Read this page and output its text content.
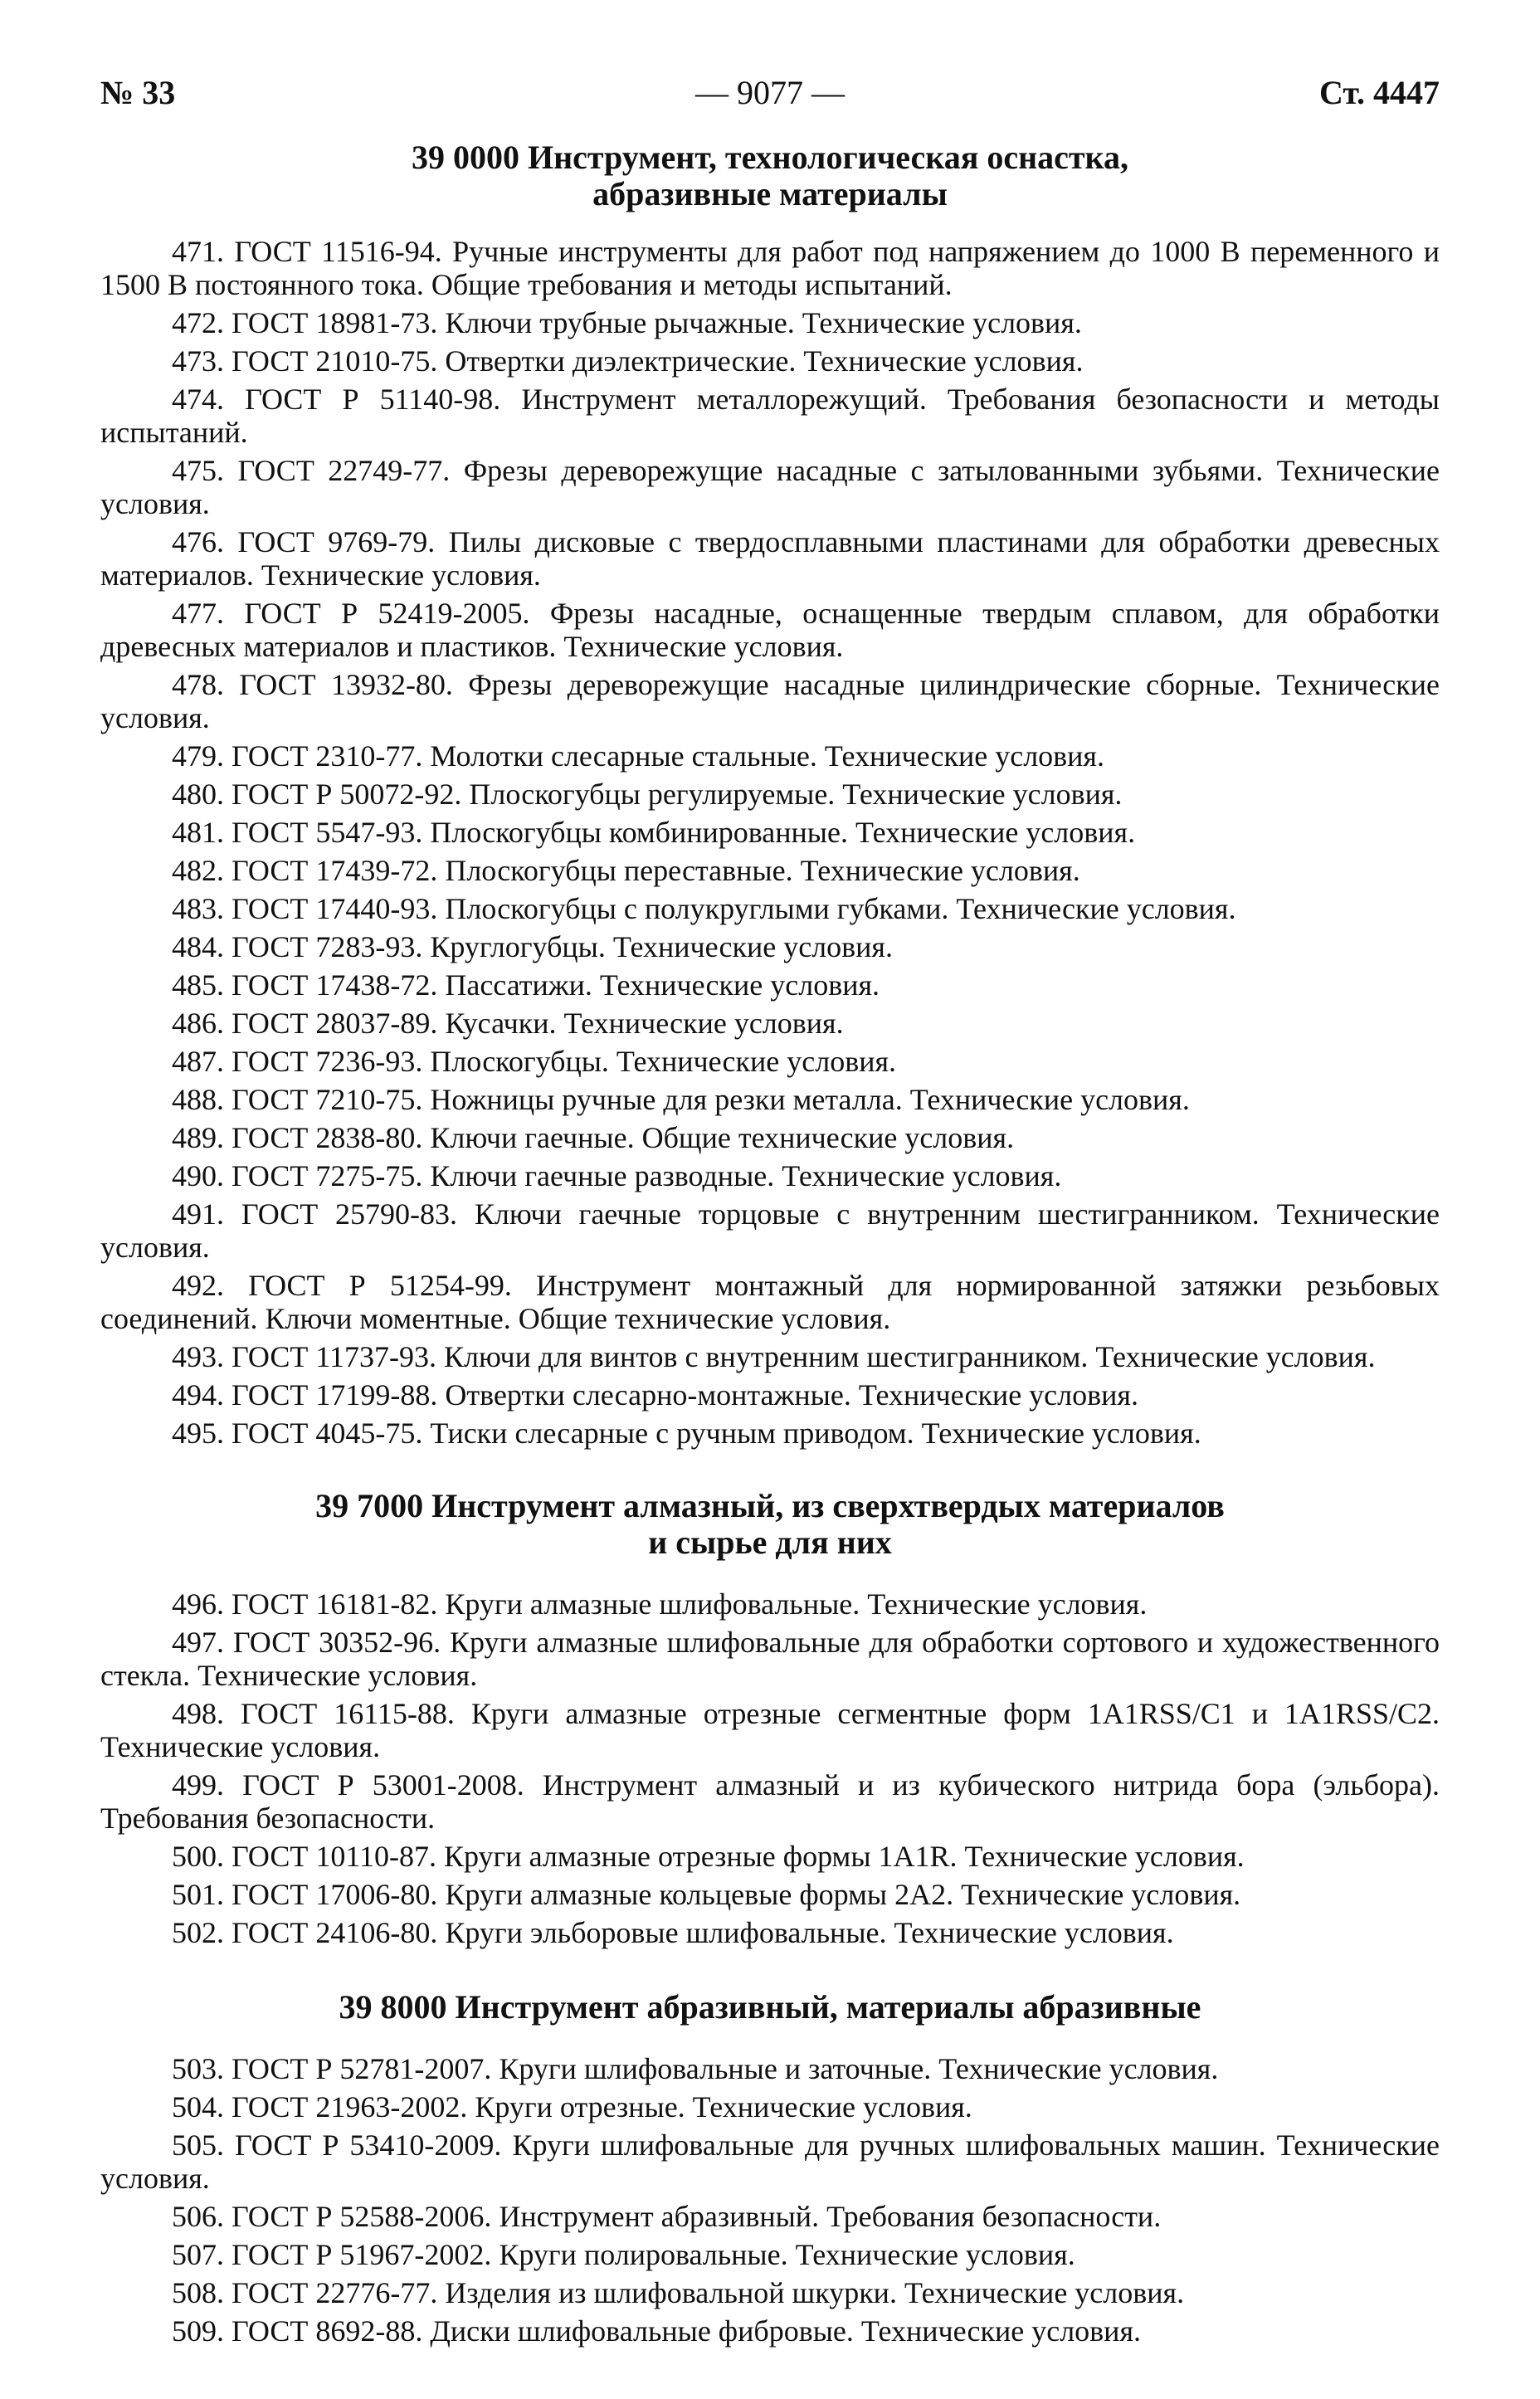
№ 33	— 9077 —	Ст. 4447
39 0000 Инструмент, технологическая оснастка,
абразивные материалы
471. ГОСТ 11516-94. Ручные инструменты для работ под напряжением до 1000 В переменного и 1500 В постоянного тока. Общие требования и методы испытаний.
472. ГОСТ 18981-73. Ключи трубные рычажные. Технические условия.
473. ГОСТ 21010-75. Отвертки диэлектрические. Технические условия.
474. ГОСТ Р 51140-98. Инструмент металлорежущий. Требования безопасности и методы испытаний.
475. ГОСТ 22749-77. Фрезы дереворежущие насадные с затылованными зубьями. Технические условия.
476. ГОСТ 9769-79. Пилы дисковые с твердосплавными пластинами для обработки древесных материалов. Технические условия.
477. ГОСТ Р 52419-2005. Фрезы насадные, оснащенные твердым сплавом, для обработки древесных материалов и пластиков. Технические условия.
478. ГОСТ 13932-80. Фрезы дереворежущие насадные цилиндрические сборные. Технические условия.
479. ГОСТ 2310-77. Молотки слесарные стальные. Технические условия.
480. ГОСТ Р 50072-92. Плоскогубцы регулируемые. Технические условия.
481. ГОСТ 5547-93. Плоскогубцы комбинированные. Технические условия.
482. ГОСТ 17439-72. Плоскогубцы переставные. Технические условия.
483. ГОСТ 17440-93. Плоскогубцы с полукруглыми губками. Технические условия.
484. ГОСТ 7283-93. Круглогубцы. Технические условия.
485. ГОСТ 17438-72. Пассатижи. Технические условия.
486. ГОСТ 28037-89. Кусачки. Технические условия.
487. ГОСТ 7236-93. Плоскогубцы. Технические условия.
488. ГОСТ 7210-75. Ножницы ручные для резки металла. Технические условия.
489. ГОСТ 2838-80. Ключи гаечные. Общие технические условия.
490. ГОСТ 7275-75. Ключи гаечные разводные. Технические условия.
491. ГОСТ 25790-83. Ключи гаечные торцовые с внутренним шестигранником. Технические условия.
492. ГОСТ Р 51254-99. Инструмент монтажный для нормированной затяжки резьбовых соединений. Ключи моментные. Общие технические условия.
493. ГОСТ 11737-93. Ключи для винтов с внутренним шестигранником. Технические условия.
494. ГОСТ 17199-88. Отвертки слесарно-монтажные. Технические условия.
495. ГОСТ 4045-75. Тиски слесарные с ручным приводом. Технические условия.
39 7000 Инструмент алмазный, из сверхтвердых материалов
и сырье для них
496. ГОСТ 16181-82. Круги алмазные шлифовальные. Технические условия.
497. ГОСТ 30352-96. Круги алмазные шлифовальные для обработки сортового и художественного стекла. Технические условия.
498. ГОСТ 16115-88. Круги алмазные отрезные сегментные форм 1A1RSS/C1 и 1A1RSS/C2. Технические условия.
499. ГОСТ Р 53001-2008. Инструмент алмазный и из кубического нитрида бора (эльбора). Требования безопасности.
500. ГОСТ 10110-87. Круги алмазные отрезные формы 1A1R. Технические условия.
501. ГОСТ 17006-80. Круги алмазные кольцевые формы 2A2. Технические условия.
502. ГОСТ 24106-80. Круги эльборовые шлифовальные. Технические условия.
39 8000 Инструмент абразивный, материалы абразивные
503. ГОСТ Р 52781-2007. Круги шлифовальные и заточные. Технические условия.
504. ГОСТ 21963-2002. Круги отрезные. Технические условия.
505. ГОСТ Р 53410-2009. Круги шлифовальные для ручных шлифовальных машин. Технические условия.
506. ГОСТ Р 52588-2006. Инструмент абразивный. Требования безопасности.
507. ГОСТ Р 51967-2002. Круги полировальные. Технические условия.
508. ГОСТ 22776-77. Изделия из шлифовальной шкурки. Технические условия.
509. ГОСТ 8692-88. Диски шлифовальные фибровые. Технические условия.
